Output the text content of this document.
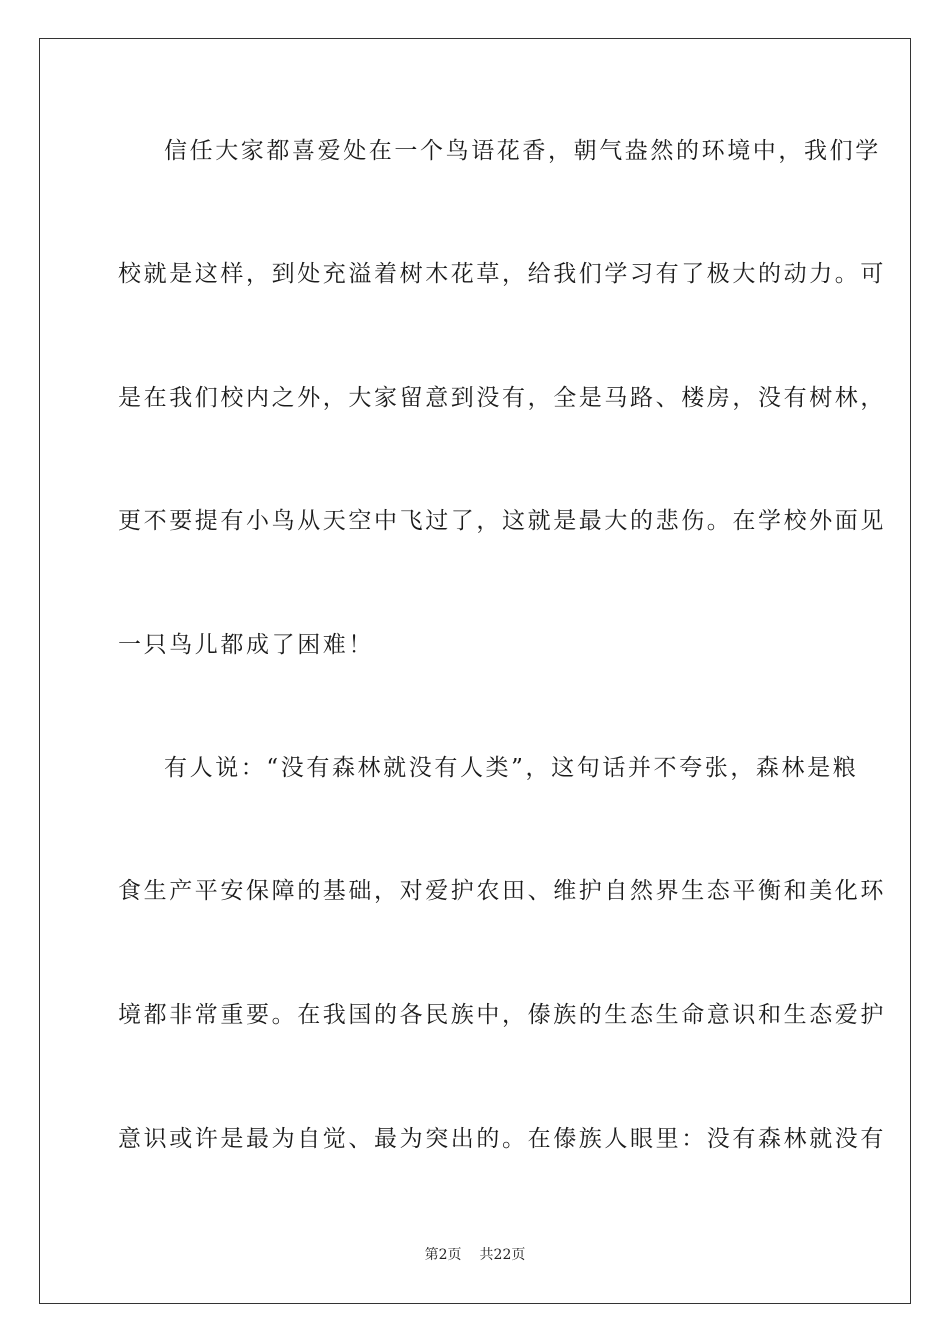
信任大家都喜爱处在一个鸟语花香，朝气盎然的环境中，我们学
校就是这样，到处充溢着树木花草，给我们学习有了极大的动力。可
是在我们校内之外，大家留意到没有，全是马路、楼房，没有树林，
更不要提有小鸟从天空中飞过了，这就是最大的悲伤。在学校外面见
一只鸟儿都成了困难！
有人说：“没有森林就没有人类”，这句话并不夸张，森林是粮
食生产平安保障的基础，对爱护农田、维护自然界生态平衡和美化环
境都非常重要。在我国的各民族中，傣族的生态生命意识和生态爱护
意识或许是最为自觉、最为突出的。在傣族人眼里：没有森林就没有
第2页 共22页
